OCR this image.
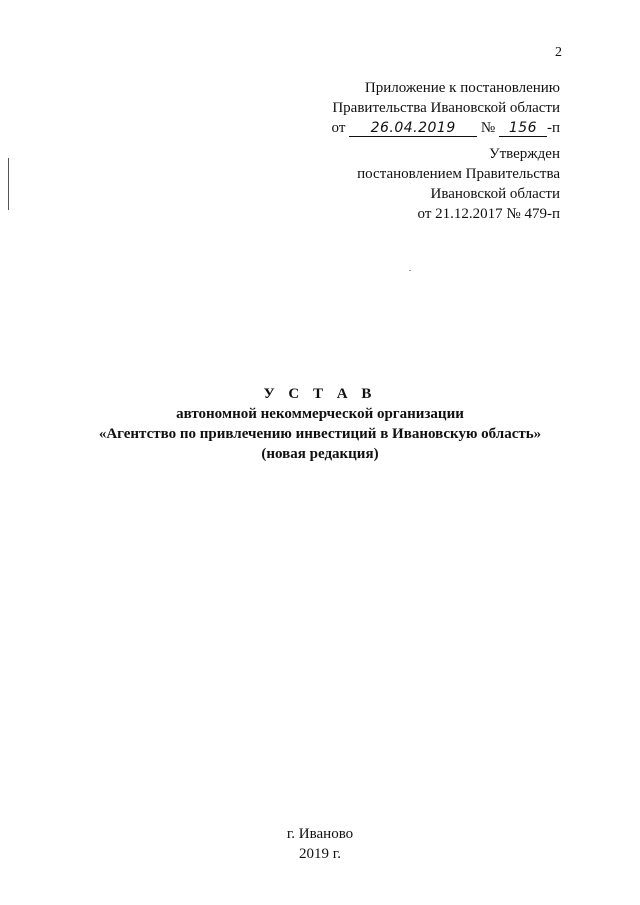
2
Приложение к постановлению
Правительства Ивановской области
от 26.04.2019 № 156 -п
Утвержден
постановлением Правительства
Ивановской области
от 21.12.2017 № 479-п
У С Т А В
автономной некоммерческой организации
«Агентство по привлечению инвестиций в Ивановскую область»
(новая редакция)
г. Иваново
2019 г.
